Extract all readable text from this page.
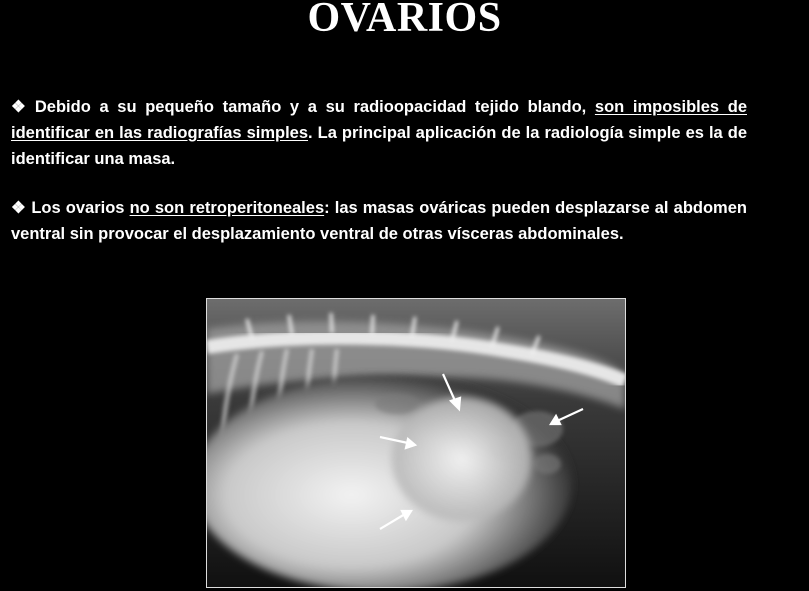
OVARIOS
❖ Debido a su pequeño tamaño y a su radioopacidad tejido blando, son imposibles de identificar en las radiografías simples. La principal aplicación de la radiología simple es la de identificar una masa.
❖ Los ovarios no son retroperitoneales: las masas ováricas pueden desplazarse al abdomen ventral sin provocar el desplazamiento ventral de otras vísceras abdominales.
